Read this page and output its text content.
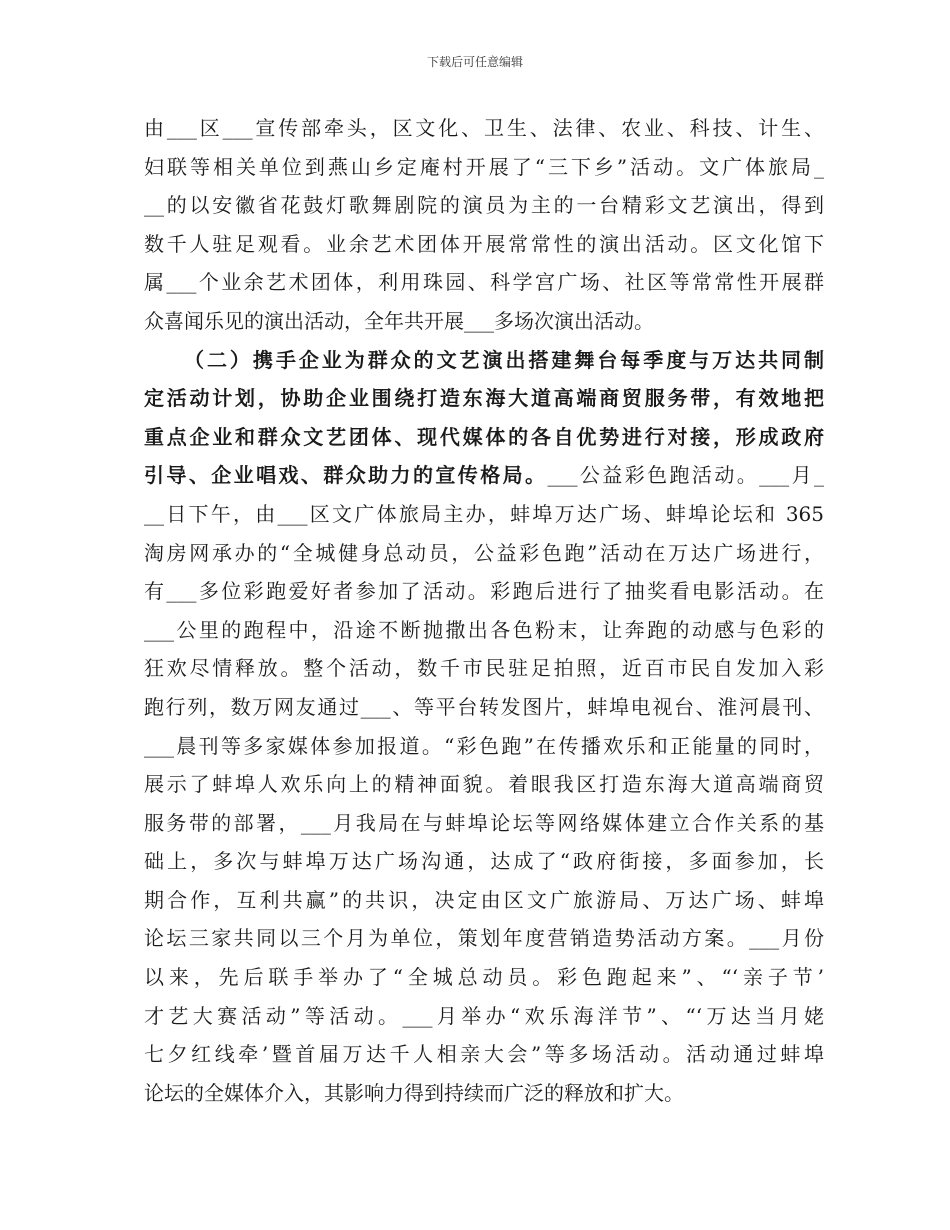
下载后可任意编辑
由___区___宣传部牵头，区文化、卫生、法律、农业、科技、计生、
妇联等相关单位到燕山乡定庵村开展了“三下乡”活动。文广体旅局_
__的以安徽省花鼓灯歌舞剧院的演员为主的一台精彩文艺演出，得到
数千人驻足观看。业余艺术团体开展常常性的演出活动。区文化馆下
属___个业余艺术团体，利用珠园、科学宫广场、社区等常常性开展群
众喜闻乐见的演出活动，全年共开展___多场次演出活动。
（二）携手企业为群众的文艺演出搭建舞台每季度与万达共同制
定活动计划，协助企业围绕打造东海大道高端商贸服务带，有效地把
重点企业和群众文艺团体、现代媒体的各自优势进行对接，形成政府
引导、企业唱戏、群众助力的宣传格局。___公益彩色跑活动。___月_
__日下午，由___区文广体旅局主办，蚌埠万达广场、蚌埠论坛和 365
淘房网承办的“全城健身总动员，公益彩色跑”活动在万达广场进行，
有___多位彩跑爱好者参加了活动。彩跑后进行了抽奖看电影活动。在
___公里的跑程中，沿途不断抛撒出各色粉末，让奔跑的动感与色彩的
狂欢尽情释放。整个活动，数千市民驻足拍照，近百市民自发加入彩
跑行列，数万网友通过___、等平台转发图片，蚌埠电视台、淮河晨刊、
___晨刊等多家媒体参加报道。“彩色跑”在传播欢乐和正能量的同时，
展示了蚌埠人欢乐向上的精神面貌。着眼我区打造东海大道高端商贸
服务带的部署，___月我局在与蚌埠论坛等网络媒体建立合作关系的基
础上，多次与蚌埠万达广场沟通，达成了“政府街接，多面参加，长
期合作，互利共赢”的共识，决定由区文广旅游局、万达广场、蚌埠
论坛三家共同以三个月为单位，策划年度营销造势活动方案。___月份
以来，先后联手举办了“全城总动员。彩色跑起来”、“‘亲子节’
才艺大赛活动”等活动。___月举办“欢乐海洋节”、“‘万达当月姥
七夕红线牵’暨首届万达千人相亲大会”等多场活动。活动通过蚌埠
论坛的全媒体介入，其影响力得到持续而广泛的释放和扩大。
